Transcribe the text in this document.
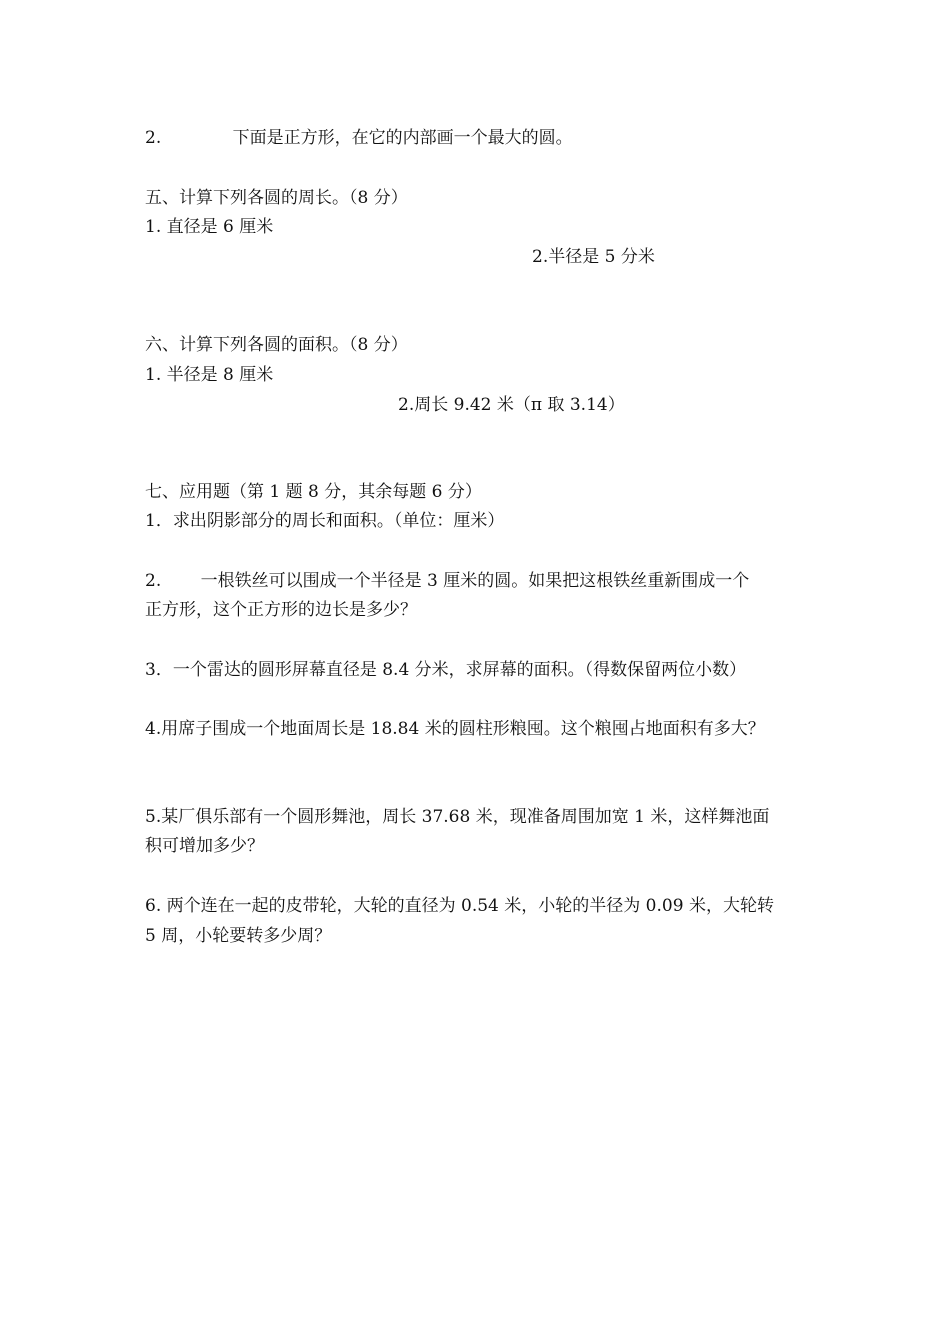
2.	下面是正方形，在它的内部画一个最大的圆。
五、计算下列各圆的周长。（8 分）
1. 直径是 6 厘米
2.半径是 5 分米
六、计算下列各圆的面积。（8 分）
1. 半径是 8 厘米
2.周长 9.42 米（π 取 3.14）
七、应用题（第 1 题 8 分，其余每题 6 分）
1．求出阴影部分的周长和面积。（单位：厘米）
2. 一根铁丝可以围成一个半径是 3 厘米的圆。如果把这根铁丝重新围成一个
正方形，这个正方形的边长是多少？
3．一个雷达的圆形屏幕直径是 8.4 分米，求屏幕的面积。（得数保留两位小数）
4.用席子围成一个地面周长是 18.84 米的圆柱形粮囤。这个粮囤占地面积有多大？
5.某厂俱乐部有一个圆形舞池，周长 37.68 米，现准备周围加宽 1 米，这样舞池面
积可增加多少？
6. 两个连在一起的皮带轮，大轮的直径为 0.54 米，小轮的半径为 0.09 米，大轮转
5 周，小轮要转多少周？
